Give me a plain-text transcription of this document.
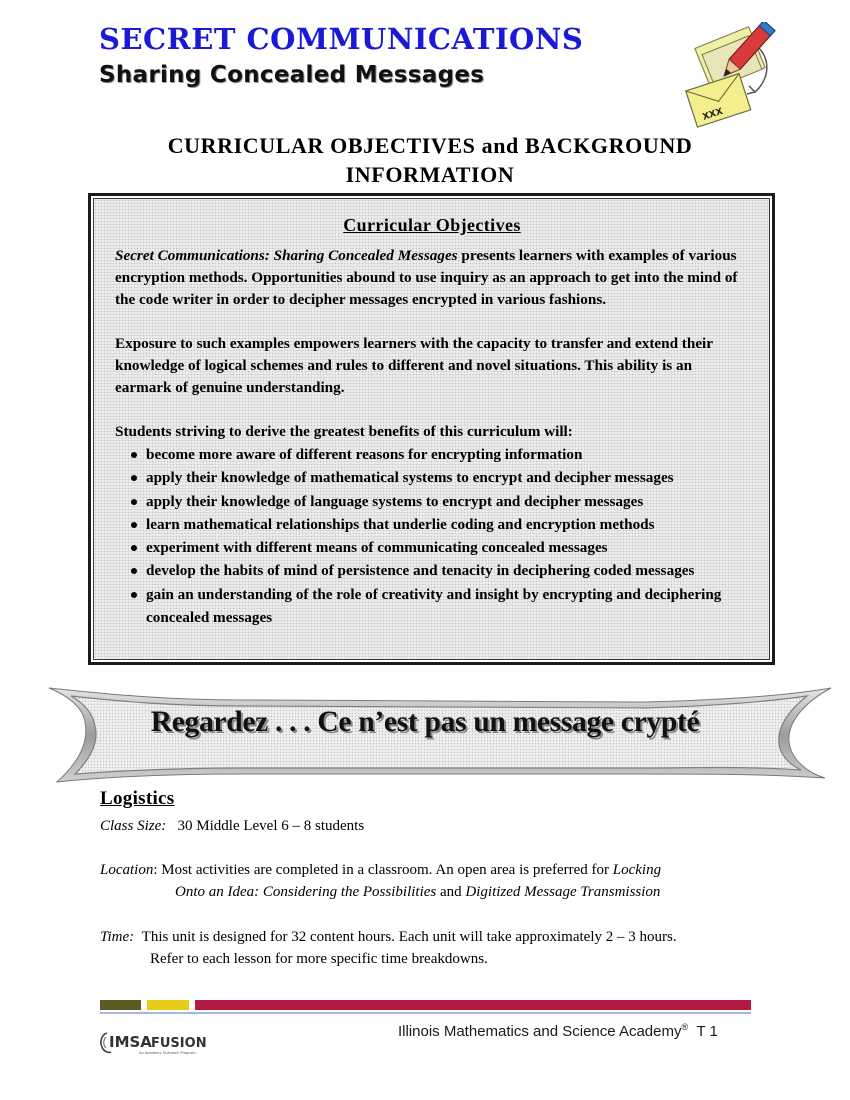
SECRET COMMUNICATIONS
Sharing Concealed Messages
XXX
CURRICULAR OBJECTIVES and BACKGROUND
INFORMATION
Curricular Objectives

Secret Communications: Sharing Concealed Messages presents learners with examples of various encryption methods. Opportunities abound to use inquiry as an approach to get into the mind of the code writer in order to decipher messages encrypted in various fashions.

Exposure to such examples empowers learners with the capacity to transfer and extend their knowledge of logical schemes and rules to different and novel situations. This ability is an earmark of genuine understanding.

Students striving to derive the greatest benefits of this curriculum will:

become more aware of different reasons for encrypting information
apply their knowledge of mathematical systems to encrypt and decipher messages
apply their knowledge of language systems to encrypt and decipher messages
learn mathematical relationships that underlie coding and encryption methods
experiment with different means of communicating concealed messages
develop the habits of mind of persistence and tenacity in deciphering coded messages
gain an understanding of the role of creativity and insight by encrypting and deciphering concealed messages
Regardez . . . Ce n’est pas un message crypté
Logistics
Class Size: 30 Middle Level 6 – 8 students
Location: Most activities are completed in a classroom. An open area is preferred for Locking
Onto an Idea: Considering the Possibilities and Digitized Message Transmission
Time: This unit is designed for 32 content hours. Each unit will take approximately 2 – 3 hours.
Refer to each lesson for more specific time breakdowns.
IMSA FUSION
An Academy Outreach Program
Illinois Mathematics and Science Academy® T 1
